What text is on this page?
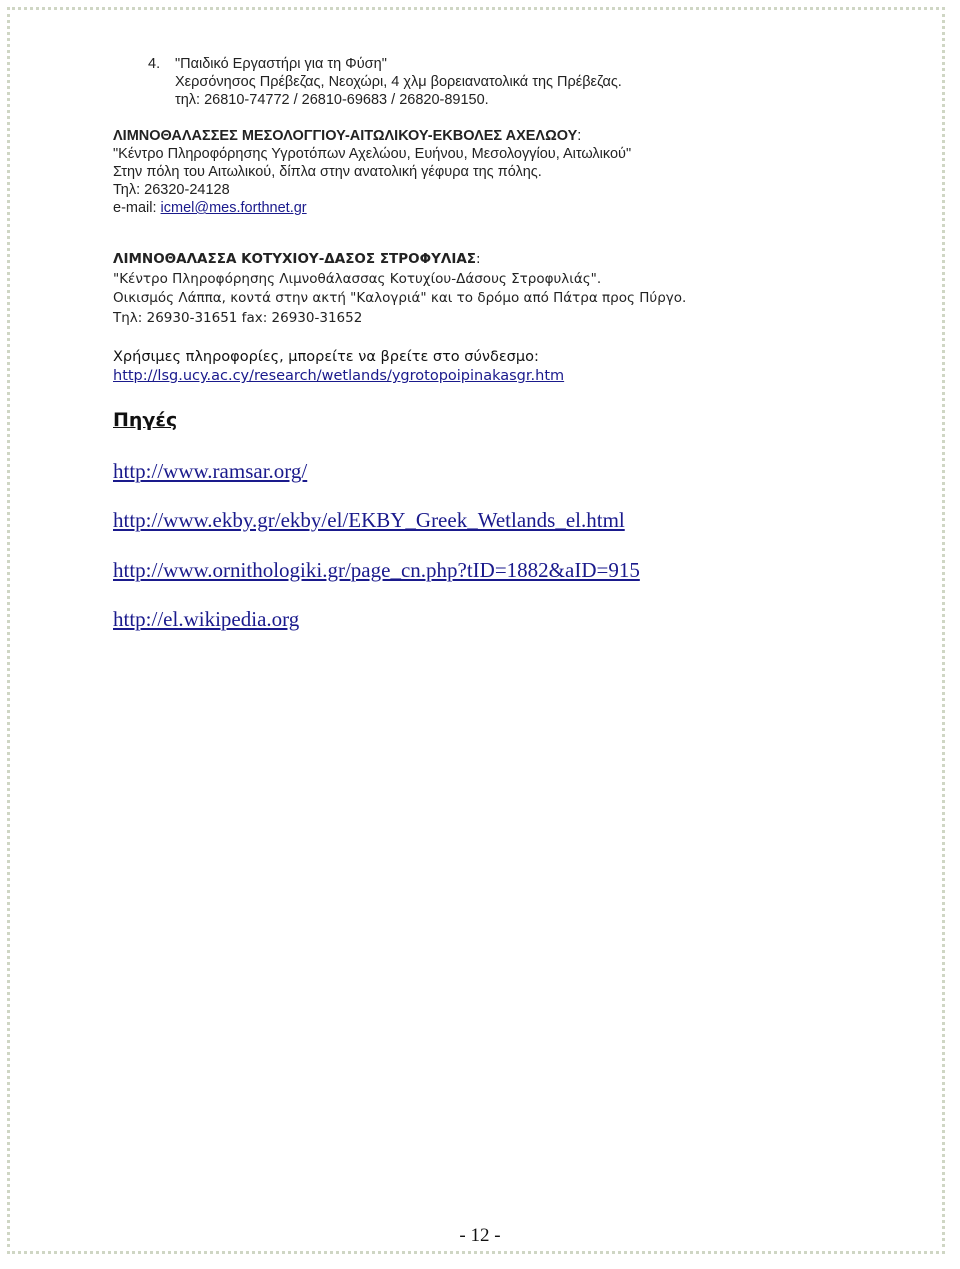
4. "Παιδικό Εργαστήρι για τη Φύση"
Χερσόνησος Πρέβεζας, Νεοχώρι, 4 χλμ βορειανατολικά της Πρέβεζας.
τηλ: 26810-74772 / 26810-69683 / 26820-89150.
ΛΙΜΝΟΘΑΛΑΣΣΕΣ ΜΕΣΟΛΟΓΓΙΟΥ-ΑΙΤΩΛΙΚΟΥ-ΕΚΒΟΛΕΣ ΑΧΕΛΩΟΥ:
"Κέντρο Πληροφόρησης Υγροτόπων Αχελώου, Ευήνου, Μεσολογγίου, Αιτωλικού"
Στην πόλη του Αιτωλικού, δίπλα στην ανατολική γέφυρα της πόλης.
Τηλ: 26320-24128
e-mail: icmel@mes.forthnet.gr
ΛΙΜΝΟΘΑΛΑΣΣΑ ΚΟΤΥΧΙΟΥ-ΔΑΣΟΣ ΣΤΡΟΦΥΛΙΑΣ:
"Κέντρο Πληροφόρησης Λιμνοθάλασσας Κοτυχίου-Δάσους Στροφυλιάς".
Οικισμός Λάππα, κοντά στην ακτή "Καλογριά" και το δρόμο από Πάτρα προς Πύργο.
Τηλ: 26930-31651 fax: 26930-31652
Χρήσιμες πληροφορίες, μπορείτε να βρείτε στο σύνδεσμο:
http://lsg.ucy.ac.cy/research/wetlands/ygrotopoipinakasgr.htm
Πηγές
http://www.ramsar.org/
http://www.ekby.gr/ekby/el/EKBY_Greek_Wetlands_el.html
http://www.ornithologiki.gr/page_cn.php?tID=1882&aID=915
http://el.wikipedia.org
- 12 -
